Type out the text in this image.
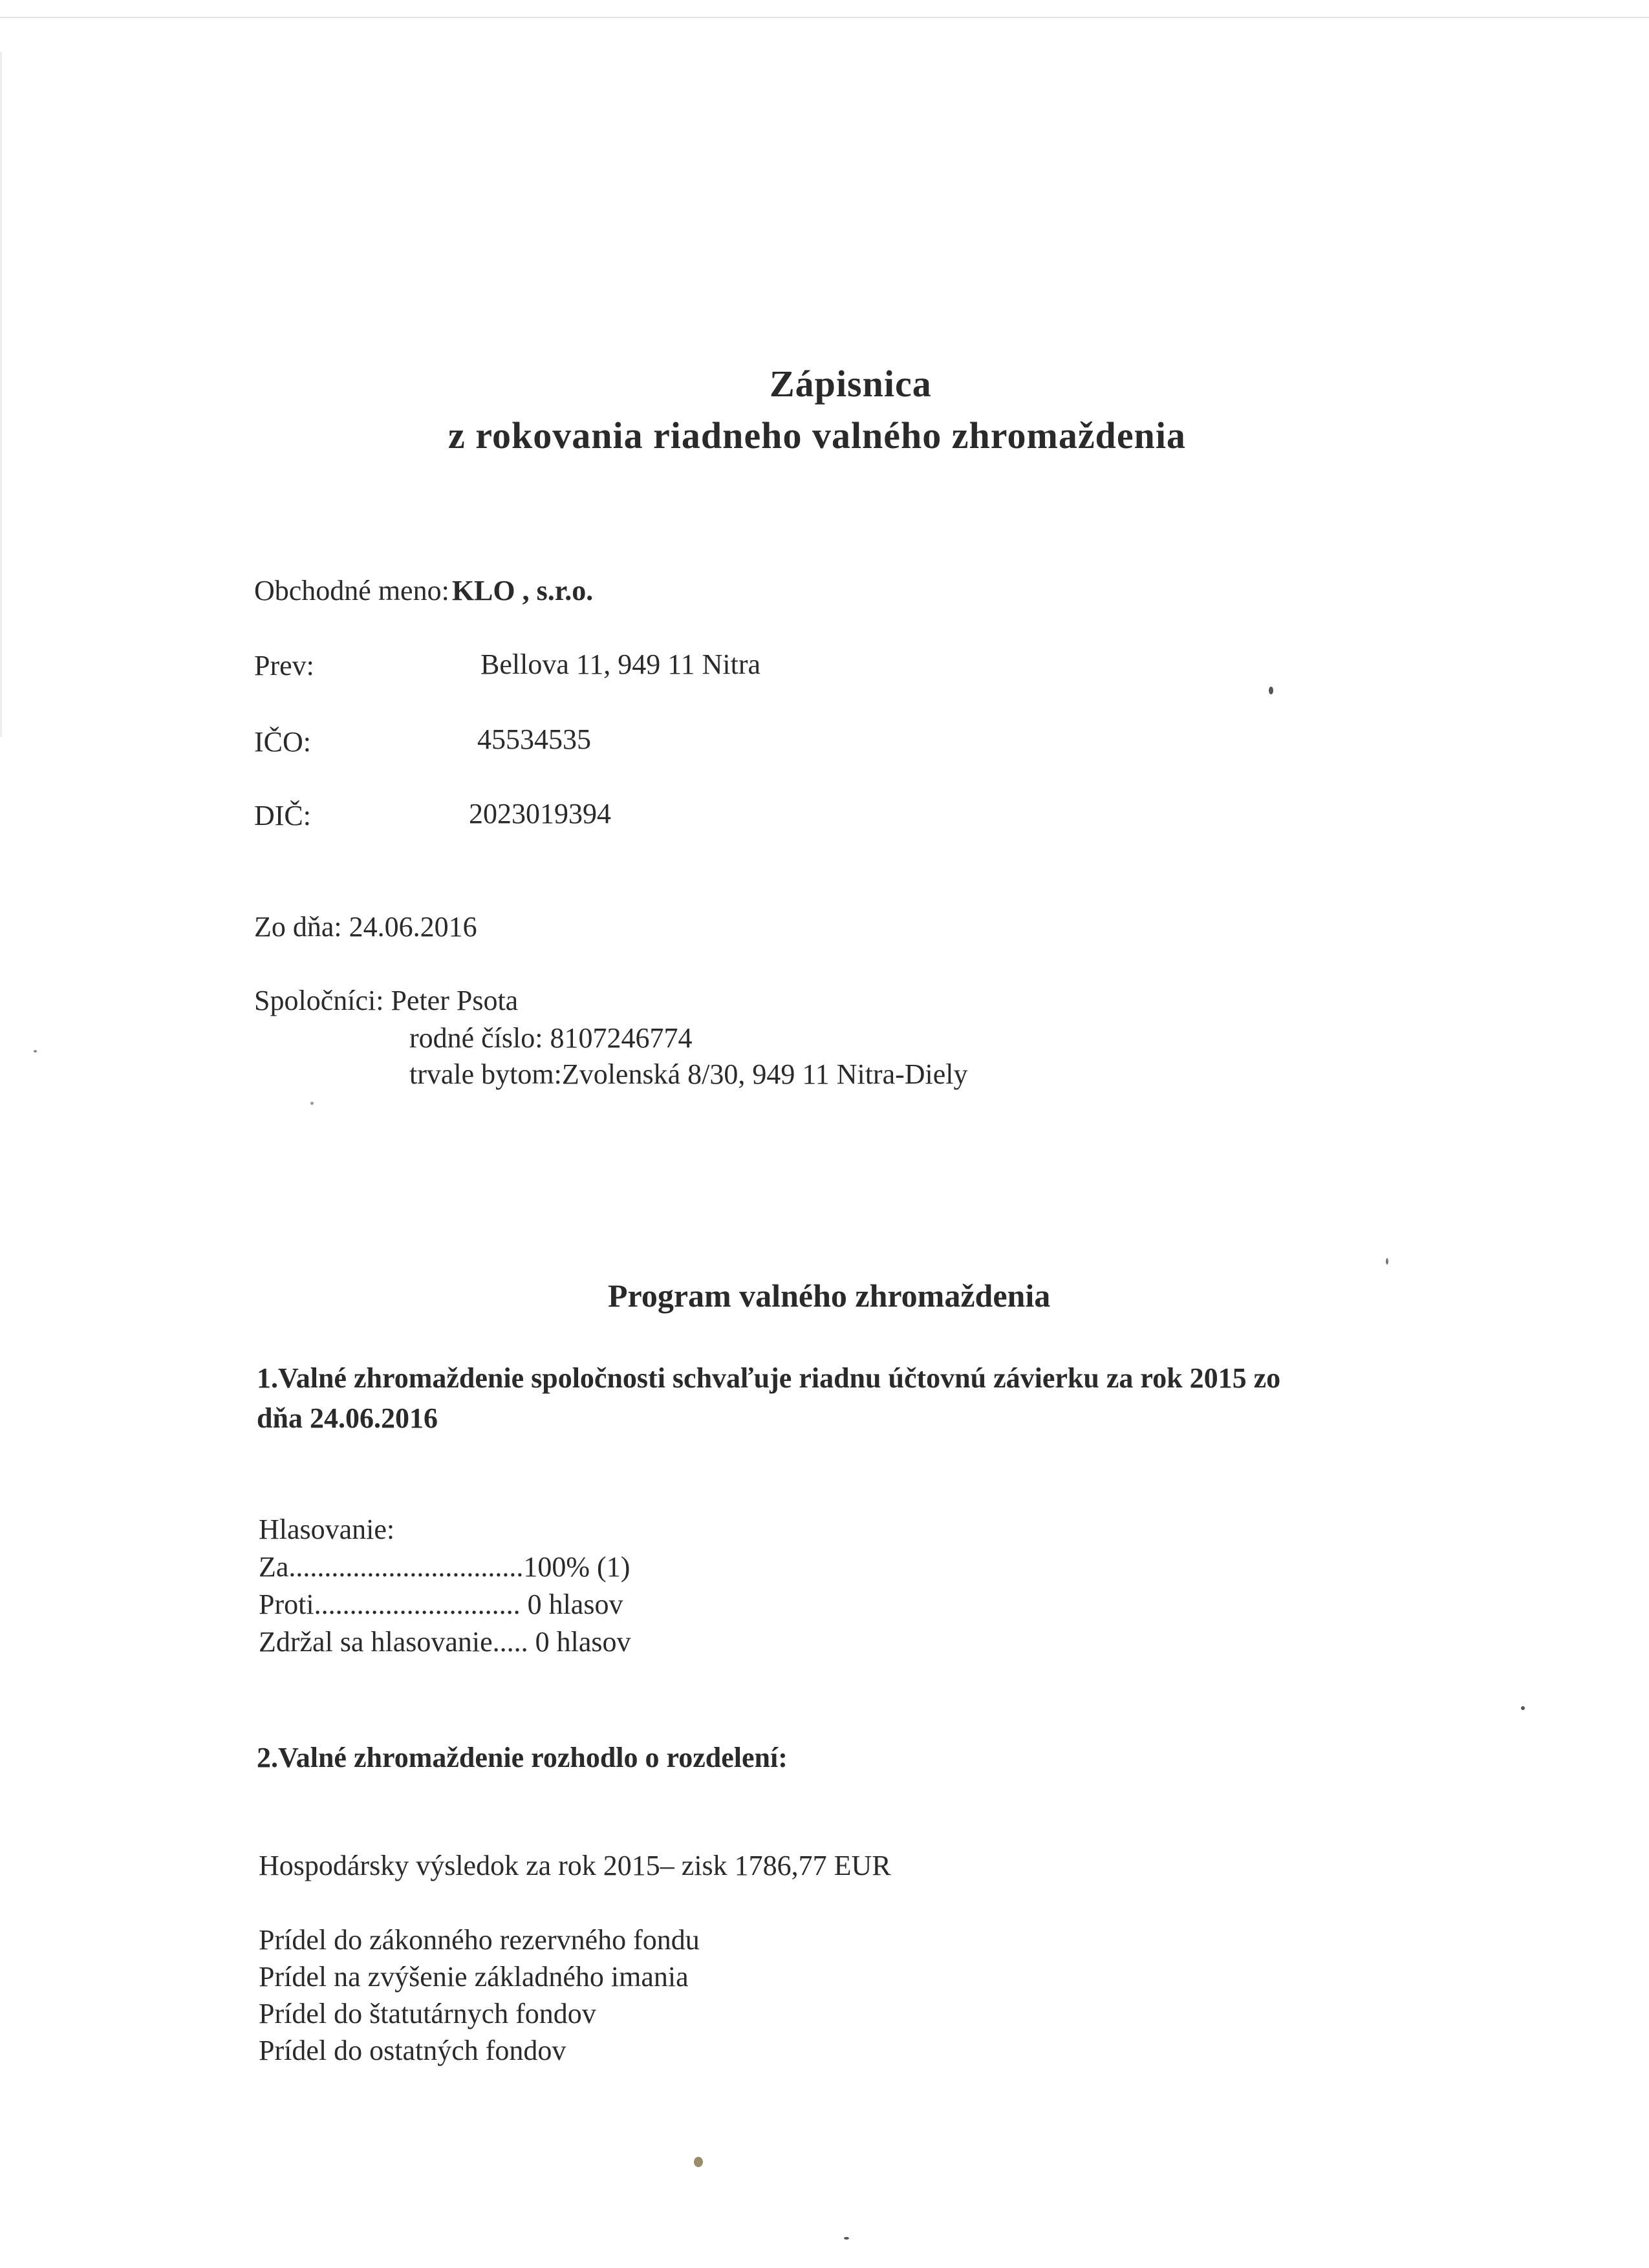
Zápisnica
z rokovania riadneho valného zhromaždenia
Obchodné meno: KLO , s.r.o.
Prev:	Bellova 11, 949 11 Nitra
IČO:	45534535
DIČ:	2023019394
Zo dňa: 24.06.2016
Spoločníci: Peter Psota
rodné číslo: 8107246774
trvale bytom:Zvolenská 8/30, 949 11 Nitra-Diely
Program valného zhromaždenia
1.Valné zhromaždenie spoločnosti schvaľuje riadnu účtovnú závierku za rok 2015 zo
dňa 24.06.2016
Hlasovanie:
Za.................................100% (1)
Proti............................. 0 hlasov
Zdržal sa hlasovanie..... 0 hlasov
2.Valné zhromaždenie rozhodlo o rozdelení:
Hospodársky výsledok za rok 2015– zisk 1786,77 EUR
Prídel do zákonného rezervného fondu
Prídel na zvýšenie základného imania
Prídel do štatutárnych fondov
Prídel do ostatných fondov
